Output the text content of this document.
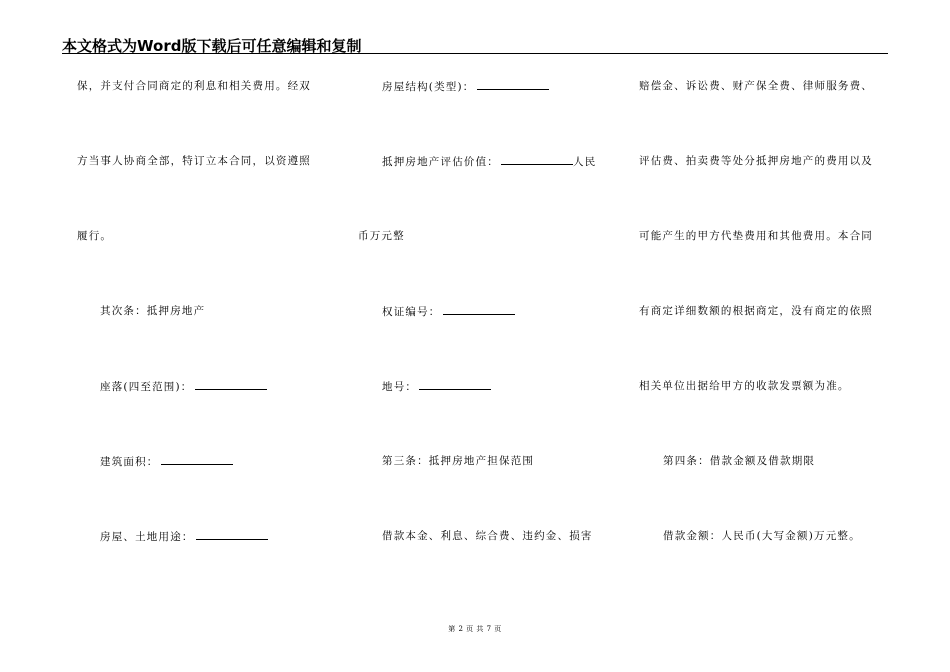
本文格式为Word版下载后可任意编辑和复制
保，并支付合同商定的利息和相关费用。经双
方当事人协商全部，特订立本合同，以资遵照
履行。
其次条：抵押房地产
座落(四至范围)：
建筑面积：
房屋、土地用途：
房屋结构(类型)：
抵押房地产评估价值：	人民
币万元整
权证编号：
地号：
第三条：抵押房地产担保范围
借款本金、利息、综合费、违约金、损害
赔偿金、诉讼费、财产保全费、律师服务费、
评估费、拍卖费等处分抵押房地产的费用以及
可能产生的甲方代垫费用和其他费用。本合同
有商定详细数额的根据商定，没有商定的依照
相关单位出据给甲方的收款发票额为准。
第四条：借款金额及借款期限
借款金额：人民币(大写金额)万元整。
第 2 页 共 7 页
